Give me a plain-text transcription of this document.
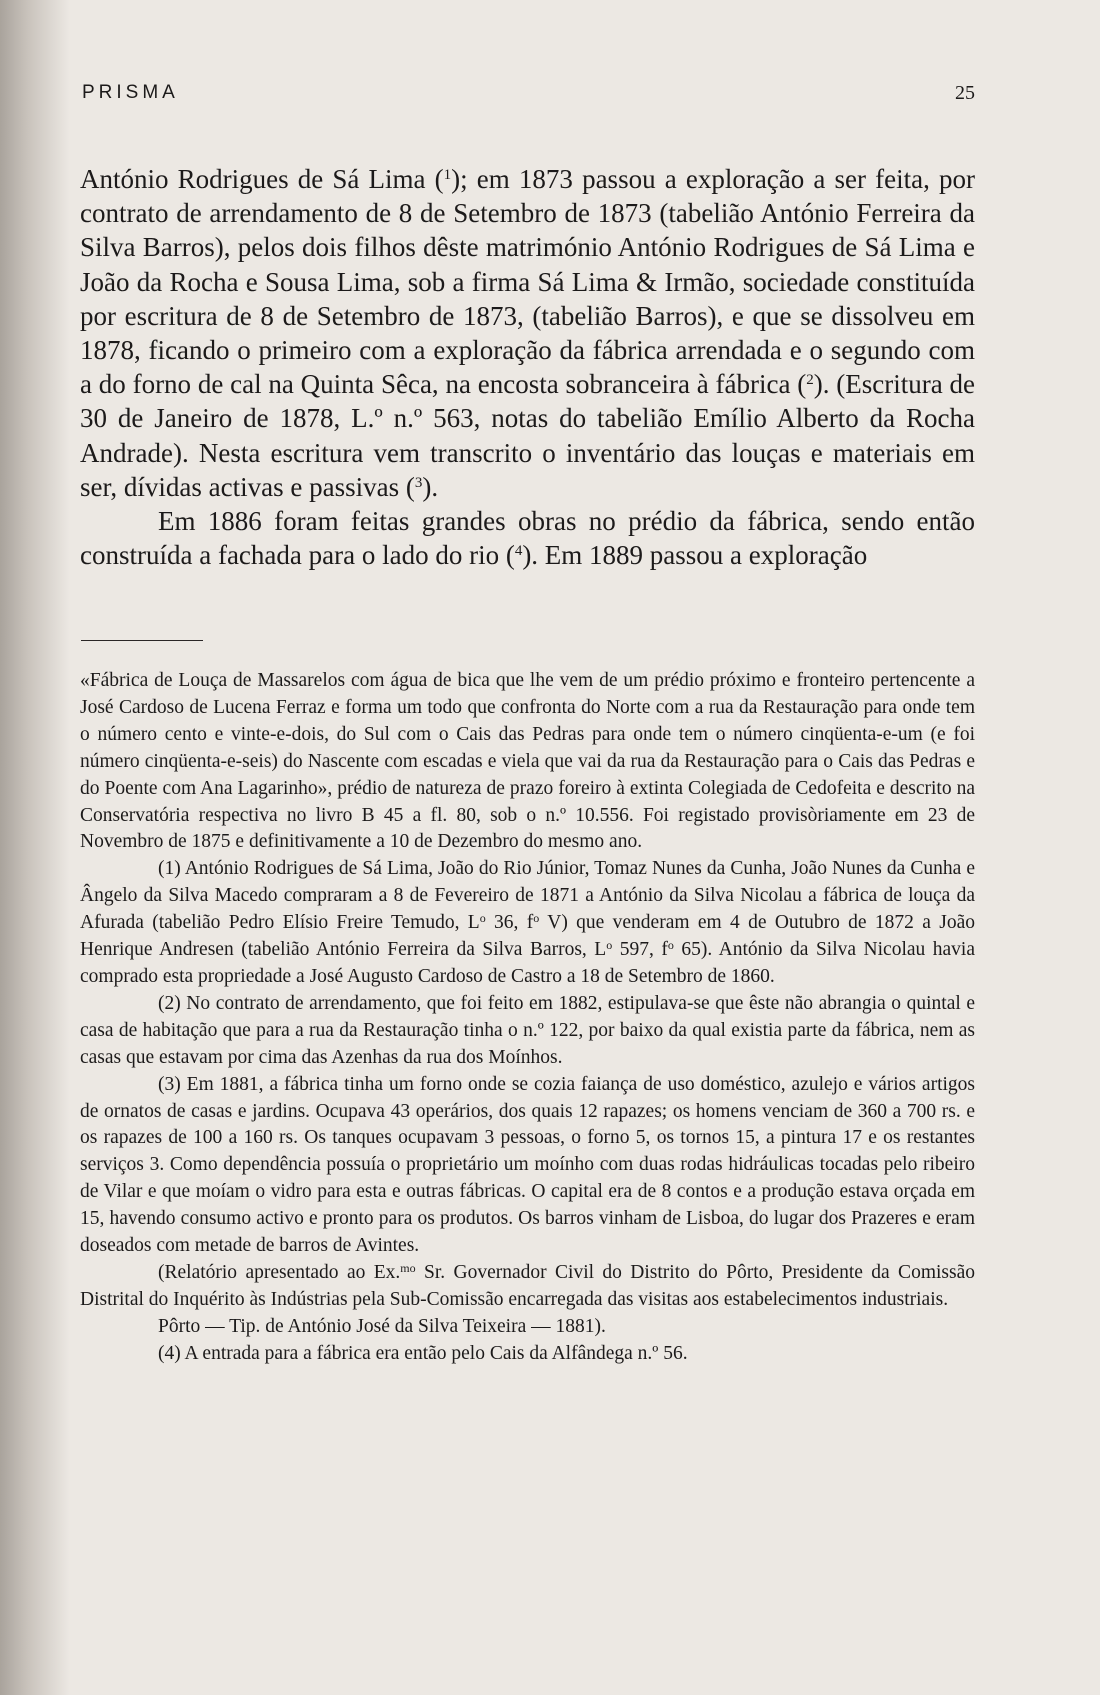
PRISMA	25

António Rodrigues de Sá Lima ($^1$); em 1873 passou a exploração a ser feita, por contrato de arrendamento de 8 de Setembro de 1873 (tabelião António Ferreira da Silva Barros), pelos dois filhos dêste matrimónio António Rodrigues de Sá Lima e João da Rocha e Sousa Lima, sob a firma Sá Lima & Irmão, sociedade constituída por escritura de 8 de Setembro de 1873, (tabelião Barros), e que se dissolveu em 1878, ficando o primeiro com a exploração da fábrica arrendada e o segundo com a do forno de cal na Quinta Sêca, na encosta sobranceira à fábrica ($^2$). (Escritura de 30 de Janeiro de 1878, L.º n.º 563, notas do tabelião Emílio Alberto da Rocha Andrade). Nesta escritura vem transcrito o inventário das louças e materiais em ser, dívidas activas e passivas ($^3$).

Em 1886 foram feitas grandes obras no prédio da fábrica, sendo então construída a fachada para o lado do rio ($^4$). Em 1889 passou a exploração

«Fábrica de Louça de Massarelos com água de bica que lhe vem de um prédio próximo e fronteiro pertencente a José Cardoso de Lucena Ferraz e forma um todo que confronta do Norte com a rua da Restauração para onde tem o número cento e vinte-e-dois, do Sul com o Cais das Pedras para onde tem o número cinqüenta-e-um (e foi número cinqüenta-e-seis) do Nascente com escadas e viela que vai da rua da Restauração para o Cais das Pedras e do Poente com Ana Lagarinho», prédio de natureza de prazo foreiro à extinta Colegiada de Cedofeita e descrito na Conservatória respectiva no livro B 45 a fl. 80, sob o n.º 10.556. Foi registado provisòriamente em 23 de Novembro de 1875 e definitivamente a 10 de Dezembro do mesmo ano.

(1) António Rodrigues de Sá Lima, João do Rio Júnior, Tomaz Nunes da Cunha, João Nunes da Cunha e Ângelo da Silva Macedo compraram a 8 de Fevereiro de 1871 a António da Silva Nicolau a fábrica de louça da Afurada (tabelião Pedro Elísio Freire Temudo, $L^o$ 36, $f^o$ V) que venderam em 4 de Outubro de 1872 a João Henrique Andresen (tabelião António Ferreira da Silva Barros, $L^o$ 597, $f^o$ 65). António da Silva Nicolau havia comprado esta propriedade a José Augusto Cardoso de Castro a 18 de Setembro de 1860.

(2) No contrato de arrendamento, que foi feito em 1882, estipulava-se que êste não abrangia o quintal e casa de habitação que para a rua da Restauração tinha o n.º 122, por baixo da qual existia parte da fábrica, nem as casas que estavam por cima das Azenhas da rua dos Moínhos.

(3) Em 1881, a fábrica tinha um forno onde se cozia faiança de uso doméstico, azulejo e vários artigos de ornatos de casas e jardins. Ocupava 43 operários, dos quais 12 rapazes; os homens venciam de 360 a 700 rs. e os rapazes de 100 a 160 rs. Os tanques ocupavam 3 pessoas, o forno 5, os tornos 15, a pintura 17 e os restantes serviços 3. Como dependência possuía o proprietário um moínho com duas rodas hidráulicas tocadas pelo ribeiro de Vilar e que moíam o vidro para esta e outras fábricas. O capital era de 8 contos e a produção estava orçada em 15, havendo consumo activo e pronto para os produtos. Os barros vinham de Lisboa, do lugar dos Prazeres e eram doseados com metade de barros de Avintes.

(Relatório apresentado ao Ex.$^{mo}$ Sr. Governador Civil do Distrito do Pôrto, Presidente da Comissão Distrital do Inquérito às Indústrias pela Sub-Comissão encarregada das visitas aos estabelecimentos industriais.

Pôrto — Tip. de António José da Silva Teixeira — 1881).

(4) A entrada para a fábrica era então pelo Cais da Alfândega n.º 56.
